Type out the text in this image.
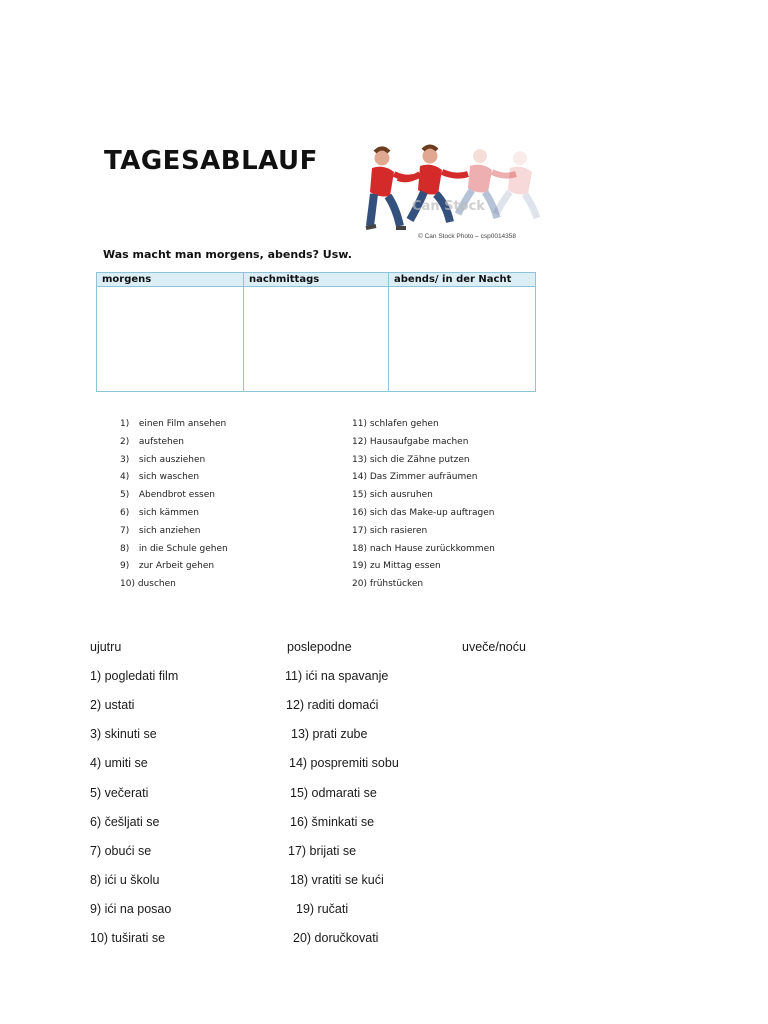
TAGESABLAUF
Can Stock
© Can Stock Photo – csp0014358
Was macht man morgens, abends? Usw.
morgens	nachmittags	abends/ in der Nacht
1) einen Film ansehen
2) aufstehen
3) sich ausziehen
4) sich waschen
5) Abendbrot essen
6) sich kämmen
7) sich anziehen
8) in die Schule gehen
9) zur Arbeit gehen
10) duschen
11) schlafen gehen
12) Hausaufgabe machen
13) sich die Zähne putzen
14) Das Zimmer aufräumen
15) sich ausruhen
16) sich das Make-up auftragen
17) sich rasieren
18) nach Hause zurückkommen
19) zu Mittag essen
20) frühstücken
ujutru	poslepodne	uveče/noću
1) pogledati film
2) ustati
3) skinuti se
4) umiti se
5) večerati
6) češljati se
7) obući se
8) ići u školu
9) ići na posao
10) tuširati se
11) ići na spavanje
12) raditi domaći
13) prati zube
14) pospremiti sobu
15) odmarati se
16) šminkati se
17) brijati se
18) vratiti se kući
19) ručati
20) doručkovati
